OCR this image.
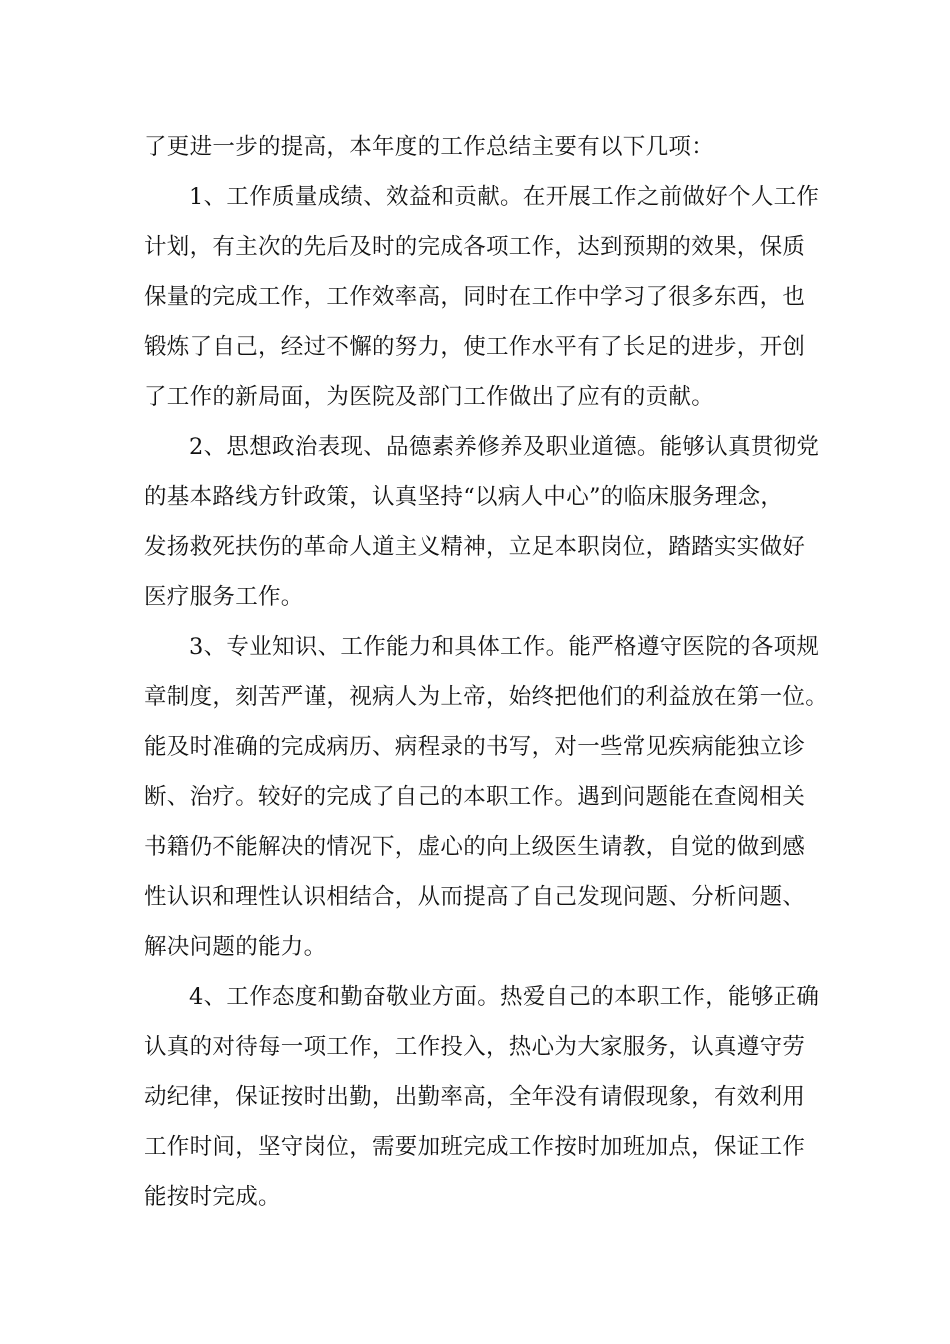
了更进一步的提高，本年度的工作总结主要有以下几项：
1、工作质量成绩、效益和贡献。在开展工作之前做好个人工作
计划，有主次的先后及时的完成各项工作，达到预期的效果，保质
保量的完成工作，工作效率高，同时在工作中学习了很多东西，也
锻炼了自己，经过不懈的努力，使工作水平有了长足的进步，开创
了工作的新局面，为医院及部门工作做出了应有的贡献。
2、思想政治表现、品德素养修养及职业道德。能够认真贯彻党
的基本路线方针政策，认真坚持“以病人中心”的临床服务理念，
发扬救死扶伤的革命人道主义精神，立足本职岗位，踏踏实实做好
医疗服务工作。
3、专业知识、工作能力和具体工作。能严格遵守医院的各项规
章制度，刻苦严谨，视病人为上帝，始终把他们的利益放在第一位。
能及时准确的完成病历、病程录的书写，对一些常见疾病能独立诊
断、治疗。较好的完成了自己的本职工作。遇到问题能在查阅相关
书籍仍不能解决的情况下，虚心的向上级医生请教，自觉的做到感
性认识和理性认识相结合，从而提高了自己发现问题、分析问题、
解决问题的能力。
4、工作态度和勤奋敬业方面。热爱自己的本职工作，能够正确
认真的对待每一项工作，工作投入，热心为大家服务，认真遵守劳
动纪律，保证按时出勤，出勤率高，全年没有请假现象，有效利用
工作时间，坚守岗位，需要加班完成工作按时加班加点，保证工作
能按时完成。
